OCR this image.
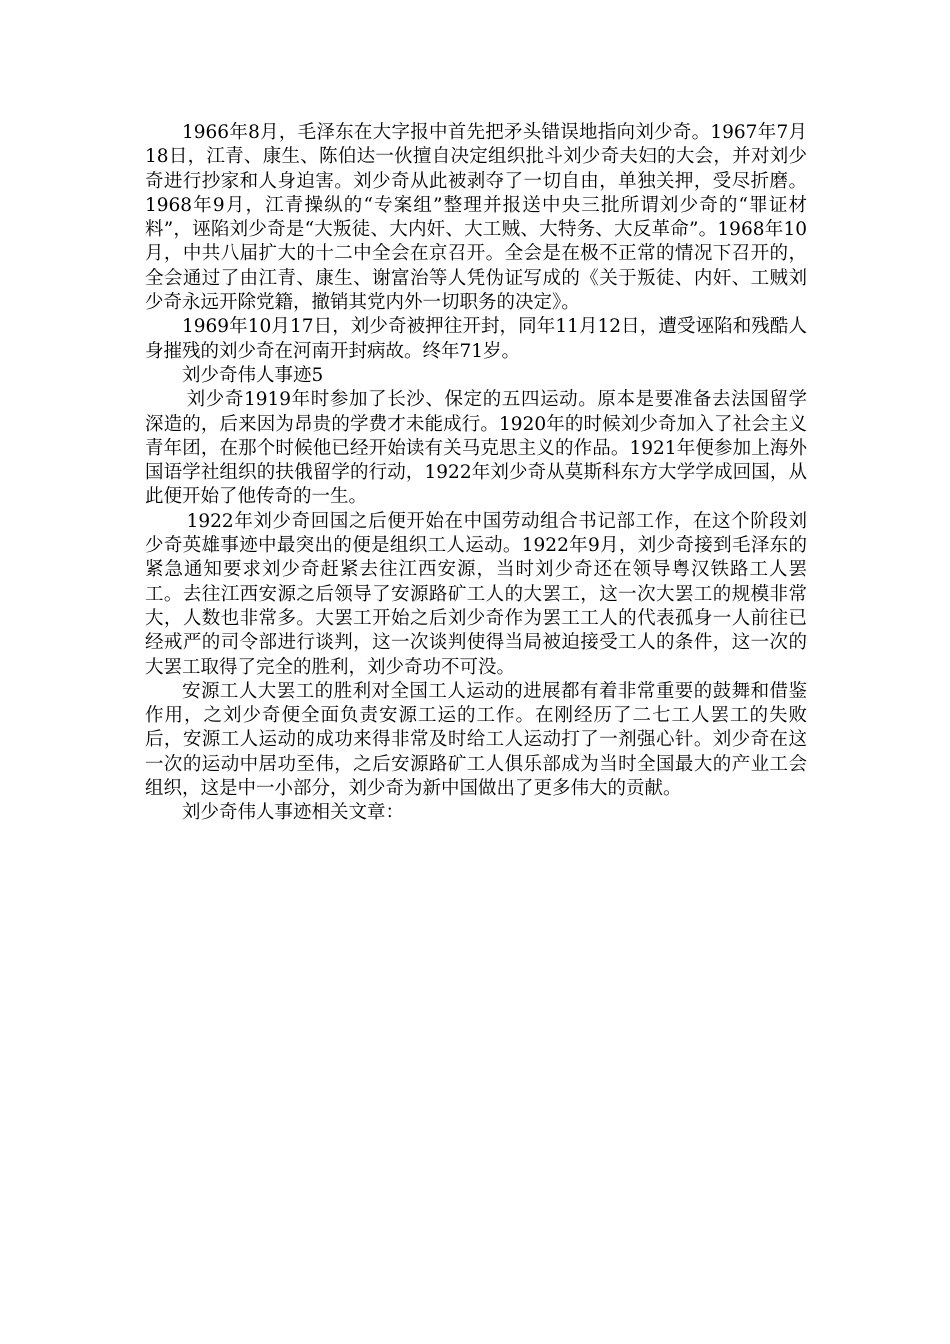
1966年8月，毛泽东在大字报中首先把矛头错误地指向刘少奇。1967年7月18日，江青、康生、陈伯达一伙擅自决定组织批斗刘少奇夫妇的大会，并对刘少奇进行抄家和人身迫害。刘少奇从此被剥夺了一切自由，单独关押，受尽折磨。1968年9月，江青操纵的“专案组”整理并报送中央三批所谓刘少奇的“罪证材料”，诬陷刘少奇是“大叛徒、大内奸、大工贼、大特务、大反革命”。1968年10月，中共八届扩大的十二中全会在京召开。全会是在极不正常的情况下召开的，全会通过了由江青、康生、谢富治等人凭伪证写成的《关于叛徒、内奸、工贼刘少奇永远开除党籍，撤销其党内外一切职务的决定》。

1969年10月17日，刘少奇被押往开封，同年11月12日，遭受诬陷和残酷人身摧残的刘少奇在河南开封病故。终年71岁。

刘少奇伟人事迹5

刘少奇1919年时参加了长沙、保定的五四运动。原本是要准备去法国留学深造的，后来因为昂贵的学费才未能成行。1920年的时候刘少奇加入了社会主义青年团，在那个时候他已经开始读有关马克思主义的作品。1921年便参加上海外国语学社组织的扶俄留学的行动，1922年刘少奇从莫斯科东方大学学成回国，从此便开始了他传奇的一生。

1922年刘少奇回国之后便开始在中国劳动组合书记部工作，在这个阶段刘少奇英雄事迹中最突出的便是组织工人运动。1922年9月，刘少奇接到毛泽东的紧急通知要求刘少奇赶紧去往江西安源，当时刘少奇还在领导粤汉铁路工人罢工。去往江西安源之后领导了安源路矿工人的大罢工，这一次大罢工的规模非常大，人数也非常多。大罢工开始之后刘少奇作为罢工工人的代表孤身一人前往已经戒严的司令部进行谈判，这一次谈判使得当局被迫接受工人的条件，这一次的大罢工取得了完全的胜利，刘少奇功不可没。

安源工人大罢工的胜利对全国工人运动的进展都有着非常重要的鼓舞和借鉴作用，之刘少奇便全面负责安源工运的工作。在刚经历了二七工人罢工的失败后，安源工人运动的成功来得非常及时给工人运动打了一剂强心针。刘少奇在这一次的运动中居功至伟，之后安源路矿工人俱乐部成为当时全国最大的产业工会组织，这是中一小部分，刘少奇为新中国做出了更多伟大的贡献。

刘少奇伟人事迹相关文章：
